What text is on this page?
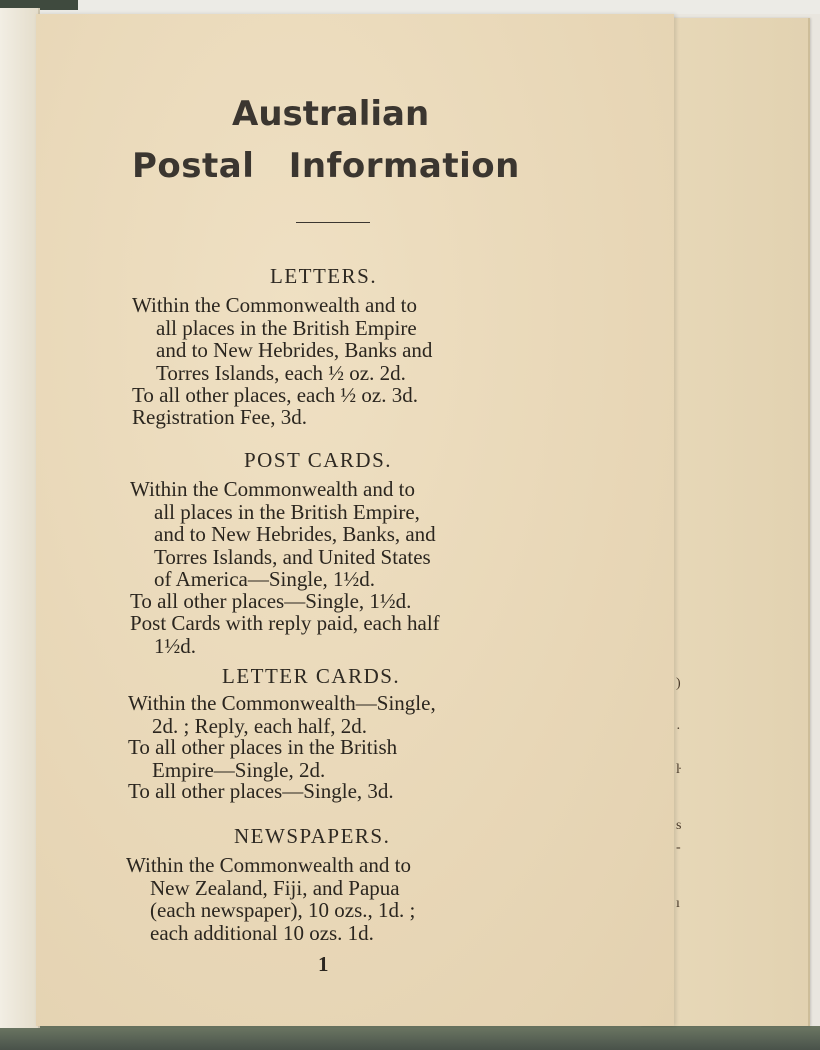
)
·
ŀ
s
-
ı
Australian
Postal Information
LETTERS.
Within the Commonwealth and to
all places in the British Empire
and to New Hebrides, Banks and
Torres Islands, each ½ oz. 2d.
To all other places, each ½ oz. 3d.
Registration Fee, 3d.
POST CARDS.
Within the Commonwealth and to
all places in the British Empire,
and to New Hebrides, Banks, and
Torres Islands, and United States
of America—Single, 1½d.
To all other places—Single, 1½d.
Post Cards with reply paid, each half
1½d.
LETTER CARDS.
Within the Commonwealth—Single,
2d. ; Reply, each half, 2d.
To all other places in the British
Empire—Single, 2d.
To all other places—Single, 3d.
NEWSPAPERS.
Within the Commonwealth and to
New Zealand, Fiji, and Papua
(each newspaper), 10 ozs., 1d. ;
each additional 10 ozs. 1d.
1
